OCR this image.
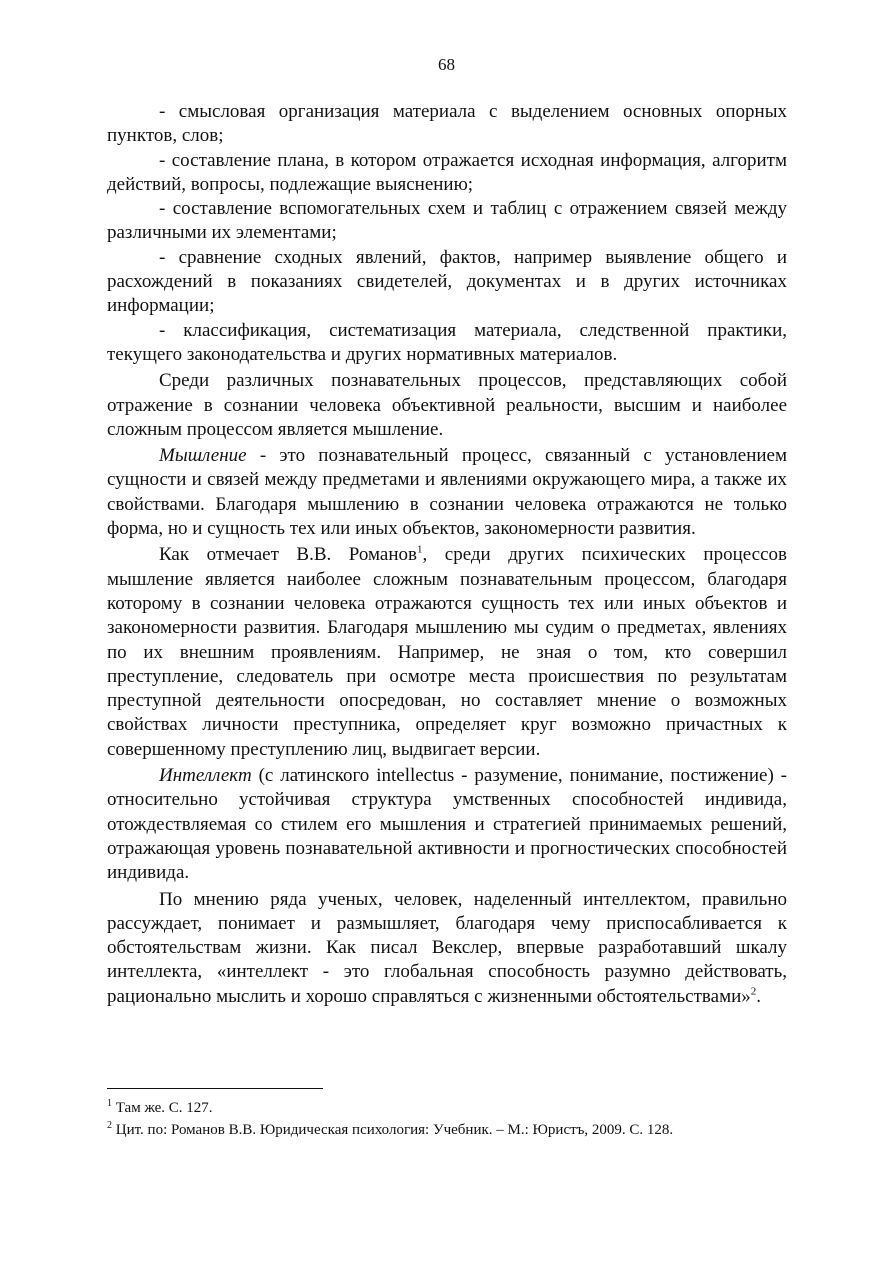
68

- смысловая организация материала с выделением основных опорных пунктов, слов;

- составление плана, в котором отражается исходная информация, алгоритм действий, вопросы, подлежащие выяснению;

- составление вспомогательных схем и таблиц с отражением связей между различными их элементами;

- сравнение сходных явлений, фактов, например выявление общего и расхождений в показаниях свидетелей, документах и в других источниках информации;

- классификация, систематизация материала, следственной практики, текущего законодательства и других нормативных материалов.

Среди различных познавательных процессов, представляющих собой отражение в сознании человека объективной реальности, высшим и наиболее сложным процессом является мышление.

Мышление - это познавательный процесс, связанный с установлением сущности и связей между предметами и явлениями окружающего мира, а также их свойствами. Благодаря мышлению в сознании человека отражаются не только форма, но и сущность тех или иных объектов, закономерности развития.

Как отмечает В.В. Романов$^1$, среди других психических процессов мышление является наиболее сложным познавательным процессом, благодаря которому в сознании человека отражаются сущность тех или иных объектов и закономерности развития. Благодаря мышлению мы судим о предметах, явлениях по их внешним проявлениям. Например, не зная о том, кто совершил преступление, следователь при осмотре места происшествия по результатам преступной деятельности опосредован, но составляет мнение о возможных свойствах личности преступника, определяет круг возможно причастных к совершенному преступлению лиц, выдвигает версии.

Интеллект (с латинского intellectus - разумение, понимание, постижение) - относительно устойчивая структура умственных способностей индивида, отождествляемая со стилем его мышления и стратегией принимаемых решений, отражающая уровень познавательной активности и прогностических способностей индивида.

По мнению ряда ученых, человек, наделенный интеллектом, правильно рассуждает, понимает и размышляет, благодаря чему приспосабливается к обстоятельствам жизни. Как писал Векслер, впервые разработавший шкалу интеллекта, «интеллект - это глобальная способность разумно действовать, рационально мыслить и хорошо справляться с жизненными обстоятельствами»$^2$.

$^1$ Там же. С. 127.

$^2$ Цит. по: Романов В.В. Юридическая психология: Учебник. – М.: Юристъ, 2009. С. 128.
